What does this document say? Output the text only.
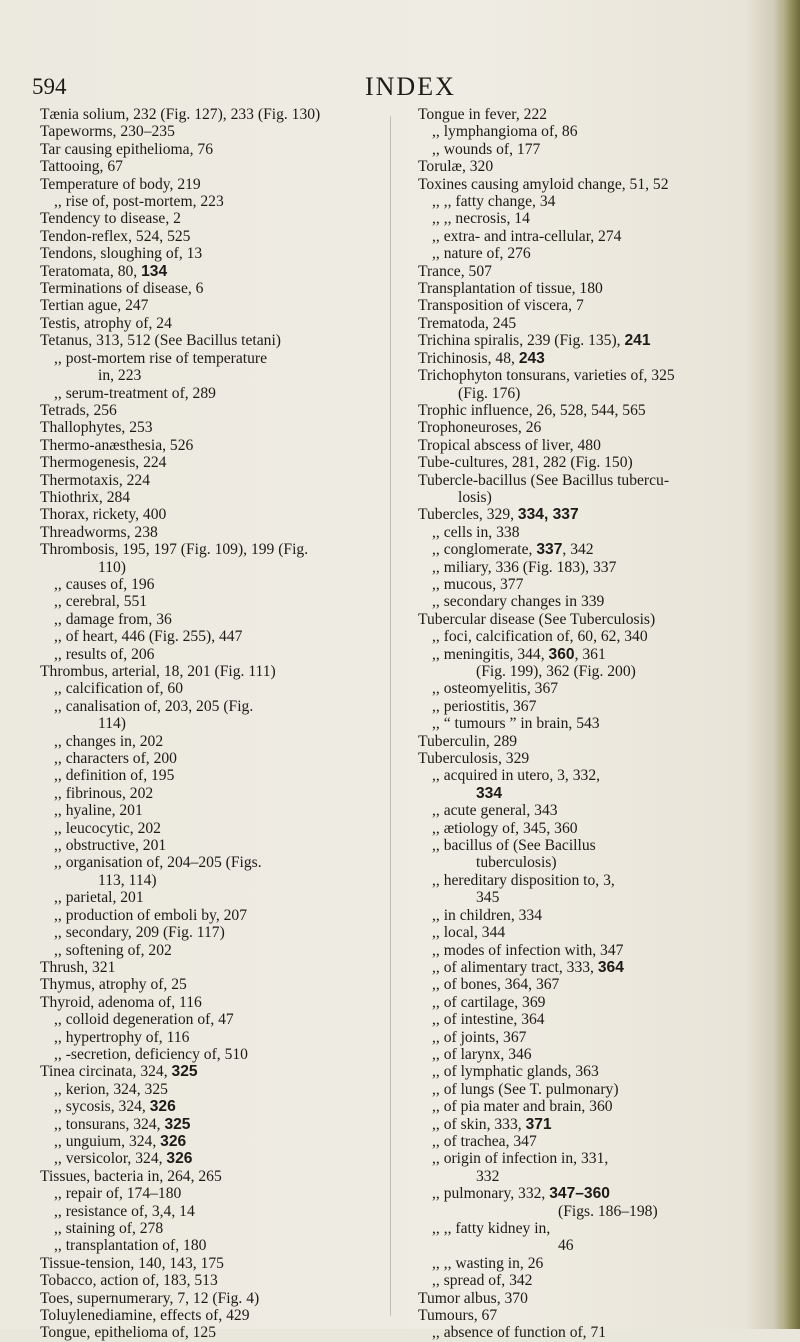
594	INDEX
Tænia solium, 232 (Fig. 127), 233 (Fig. 130)
Tapeworms, 230–235
Tar causing epithelioma, 76
Tattooing, 67
Temperature of body, 219
,, rise of, post-mortem, 223
Tendency to disease, 2
Tendon-reflex, 524, 525
Tendons, sloughing of, 13
Teratomata, 80, 134
Terminations of disease, 6
Tertian ague, 247
Testis, atrophy of, 24
Tetanus, 313, 512 (See Bacillus tetani)
,, post-mortem rise of temperature
in, 223
,, serum-treatment of, 289
Tetrads, 256
Thallophytes, 253
Thermo-anæsthesia, 526
Thermogenesis, 224
Thermotaxis, 224
Thiothrix, 284
Thorax, rickety, 400
Threadworms, 238
Thrombosis, 195, 197 (Fig. 109), 199 (Fig.
110)
,, causes of, 196
,, cerebral, 551
,, damage from, 36
,, of heart, 446 (Fig. 255), 447
,, results of, 206
Thrombus, arterial, 18, 201 (Fig. 111)
,, calcification of, 60
,, canalisation of, 203, 205 (Fig.
114)
,, changes in, 202
,, characters of, 200
,, definition of, 195
,, fibrinous, 202
,, hyaline, 201
,, leucocytic, 202
,, obstructive, 201
,, organisation of, 204–205 (Figs.
113, 114)
,, parietal, 201
,, production of emboli by, 207
,, secondary, 209 (Fig. 117)
,, softening of, 202
Thrush, 321
Thymus, atrophy of, 25
Thyroid, adenoma of, 116
,, colloid degeneration of, 47
,, hypertrophy of, 116
,, -secretion, deficiency of, 510
Tinea circinata, 324, 325
,, kerion, 324, 325
,, sycosis, 324, 326
,, tonsurans, 324, 325
,, unguium, 324, 326
,, versicolor, 324, 326
Tissues, bacteria in, 264, 265
,, repair of, 174–180
,, resistance of, 3,4, 14
,, staining of, 278
,, transplantation of, 180
Tissue-tension, 140, 143, 175
Tobacco, action of, 183, 513
Toes, supernumerary, 7, 12 (Fig. 4)
Toluylenediamine, effects of, 429
Tongue, epithelioma of, 125
Tongue in fever, 222
,, lymphangioma of, 86
,, wounds of, 177
Torulæ, 320
Toxines causing amyloid change, 51, 52
,, ,, fatty change, 34
,, ,, necrosis, 14
,, extra- and intra-cellular, 274
,, nature of, 276
Trance, 507
Transplantation of tissue, 180
Transposition of viscera, 7
Trematoda, 245
Trichina spiralis, 239 (Fig. 135), 241
Trichinosis, 48, 243
Trichophyton tonsurans, varieties of, 325
(Fig. 176)
Trophic influence, 26, 528, 544, 565
Trophoneuroses, 26
Tropical abscess of liver, 480
Tube-cultures, 281, 282 (Fig. 150)
Tubercle-bacillus (See Bacillus tubercu-
losis)
Tubercles, 329, 334, 337
,, cells in, 338
,, conglomerate, 337, 342
,, miliary, 336 (Fig. 183), 337
,, mucous, 377
,, secondary changes in 339
Tubercular disease (See Tuberculosis)
,, foci, calcification of, 60, 62, 340
,, meningitis, 344, 360, 361
(Fig. 199), 362 (Fig. 200)
,, osteomyelitis, 367
,, periostitis, 367
,, “ tumours ” in brain, 543
Tuberculin, 289
Tuberculosis, 329
,, acquired in utero, 3, 332,
334
,, acute general, 343
,, ætiology of, 345, 360
,, bacillus of (See Bacillus
tuberculosis)
,, hereditary disposition to, 3,
345
,, in children, 334
,, local, 344
,, modes of infection with, 347
,, of alimentary tract, 333, 364
,, of bones, 364, 367
,, of cartilage, 369
,, of intestine, 364
,, of joints, 367
,, of larynx, 346
,, of lymphatic glands, 363
,, of lungs (See T. pulmonary)
,, of pia mater and brain, 360
,, of skin, 333, 371
,, of trachea, 347
,, origin of infection in, 331,
332
,, pulmonary, 332, 347–360
(Figs. 186–198)
,, ,, fatty kidney in,
46
,, ,, wasting in, 26
,, spread of, 342
Tumor albus, 370
Tumours, 67
,, absence of function of, 71
